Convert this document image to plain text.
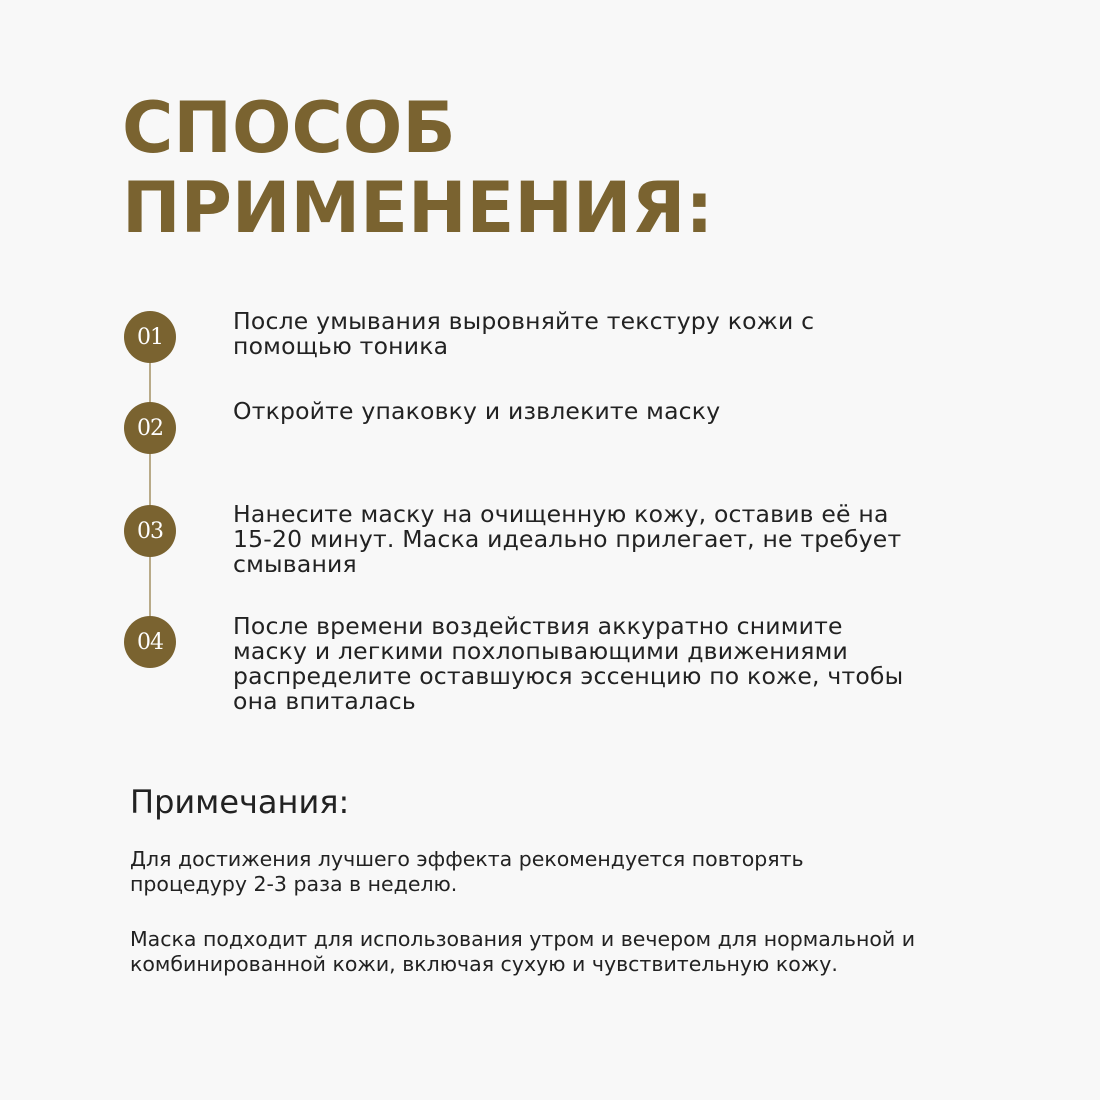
СПОСОБ
ПРИМЕНЕНИЯ:
01
02
03
04

После умывания выровняйте текстуру кожи с помощью тоника

Откройте упаковку и извлеките маску

Нанесите маску на очищенную кожу, оставив её на 15-20 минут. Маска идеально прилегает, не требует смывания

После времени воздействия аккуратно снимите маску и легкими похлопывающими движениями распределите оставшуюся эссенцию по коже, чтобы она впиталась

Примечания:

Для достижения лучшего эффекта рекомендуется повторять процедуру 2-3 раза в неделю.

Маска подходит для использования утром и вечером для нормальной и комбинированной кожи, включая сухую и чувствительную кожу.
